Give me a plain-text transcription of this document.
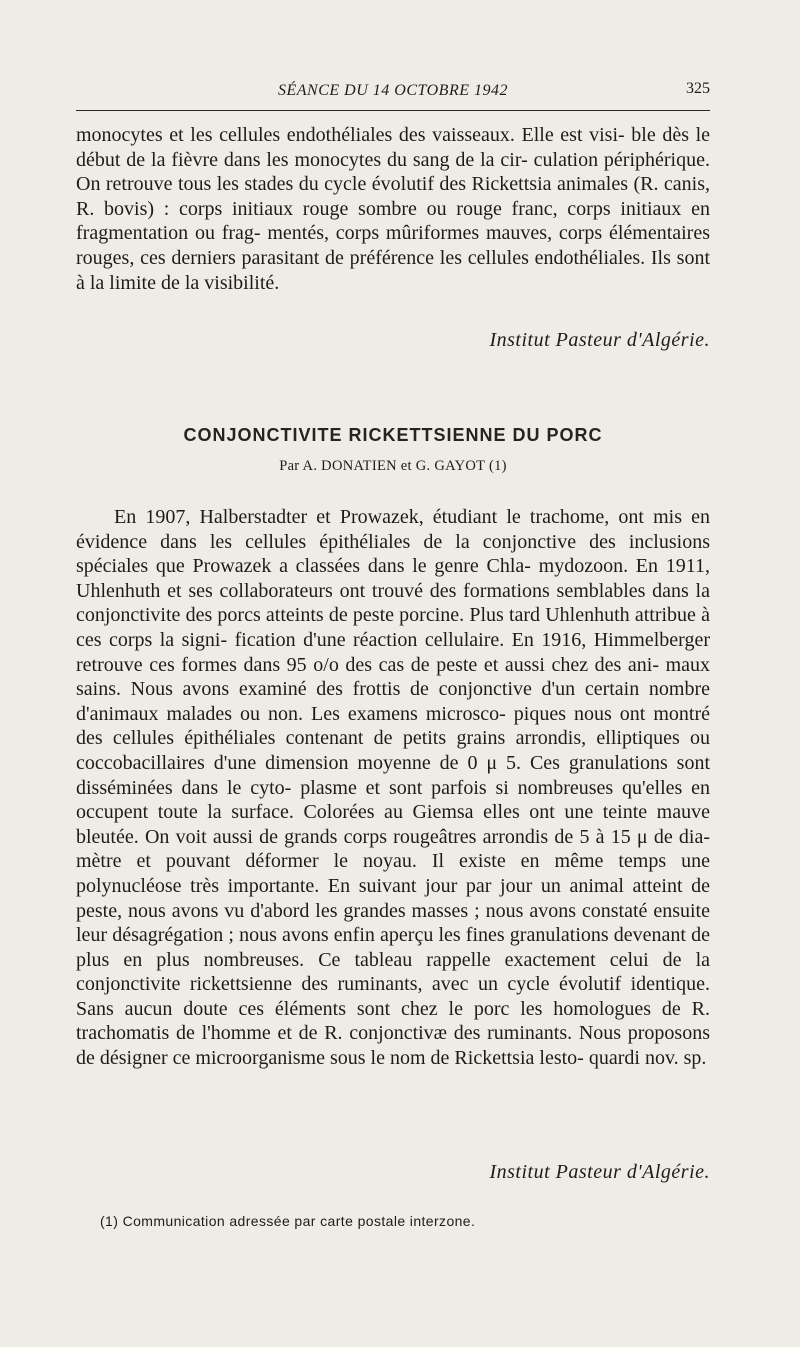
SÉANCE DU 14 OCTOBRE 1942	325

monocytes et les cellules endothéliales des vaisseaux. Elle est visi- ble dès le début de la fièvre dans les monocytes du sang de la cir- culation périphérique. On retrouve tous les stades du cycle évolutif des Rickettsia animales (R. canis, R. bovis) : corps initiaux rouge sombre ou rouge franc, corps initiaux en fragmentation ou frag- mentés, corps mûriformes mauves, corps élémentaires rouges, ces derniers parasitant de préférence les cellules endothéliales. Ils sont à la limite de la visibilité.

Institut Pasteur d'Algérie.
CONJONCTIVITE RICKETTSIENNE DU PORC
Par A. DONATIEN et G. GAYOT (1)

En 1907, Halberstadter et Prowazek, étudiant le trachome, ont mis en évidence dans les cellules épithéliales de la conjonctive des inclusions spéciales que Prowazek a classées dans le genre Chla- mydozoon. En 1911, Uhlenhuth et ses collaborateurs ont trouvé des formations semblables dans la conjonctivite des porcs atteints de peste porcine. Plus tard Uhlenhuth attribue à ces corps la signi- fication d'une réaction cellulaire. En 1916, Himmelberger retrouve ces formes dans 95 o/o des cas de peste et aussi chez des ani- maux sains. Nous avons examiné des frottis de conjonctive d'un certain nombre d'animaux malades ou non. Les examens microsco- piques nous ont montré des cellules épithéliales contenant de petits grains arrondis, elliptiques ou coccobacillaires d'une dimension moyenne de 0 μ 5. Ces granulations sont disséminées dans le cyto- plasme et sont parfois si nombreuses qu'elles en occupent toute la surface. Colorées au Giemsa elles ont une teinte mauve bleutée. On voit aussi de grands corps rougeâtres arrondis de 5 à 15 μ de dia- mètre et pouvant déformer le noyau. Il existe en même temps une polynucléose très importante. En suivant jour par jour un animal atteint de peste, nous avons vu d'abord les grandes masses ; nous avons constaté ensuite leur désagrégation ; nous avons enfin aperçu les fines granulations devenant de plus en plus nombreuses. Ce tableau rappelle exactement celui de la conjonctivite rickettsienne des ruminants, avec un cycle évolutif identique. Sans aucun doute ces éléments sont chez le porc les homologues de R. trachomatis de l'homme et de R. conjonctivæ des ruminants. Nous proposons de désigner ce microorganisme sous le nom de Rickettsia lesto- quardi nov. sp.

Institut Pasteur d'Algérie.
(1) Communication adressée par carte postale interzone.
